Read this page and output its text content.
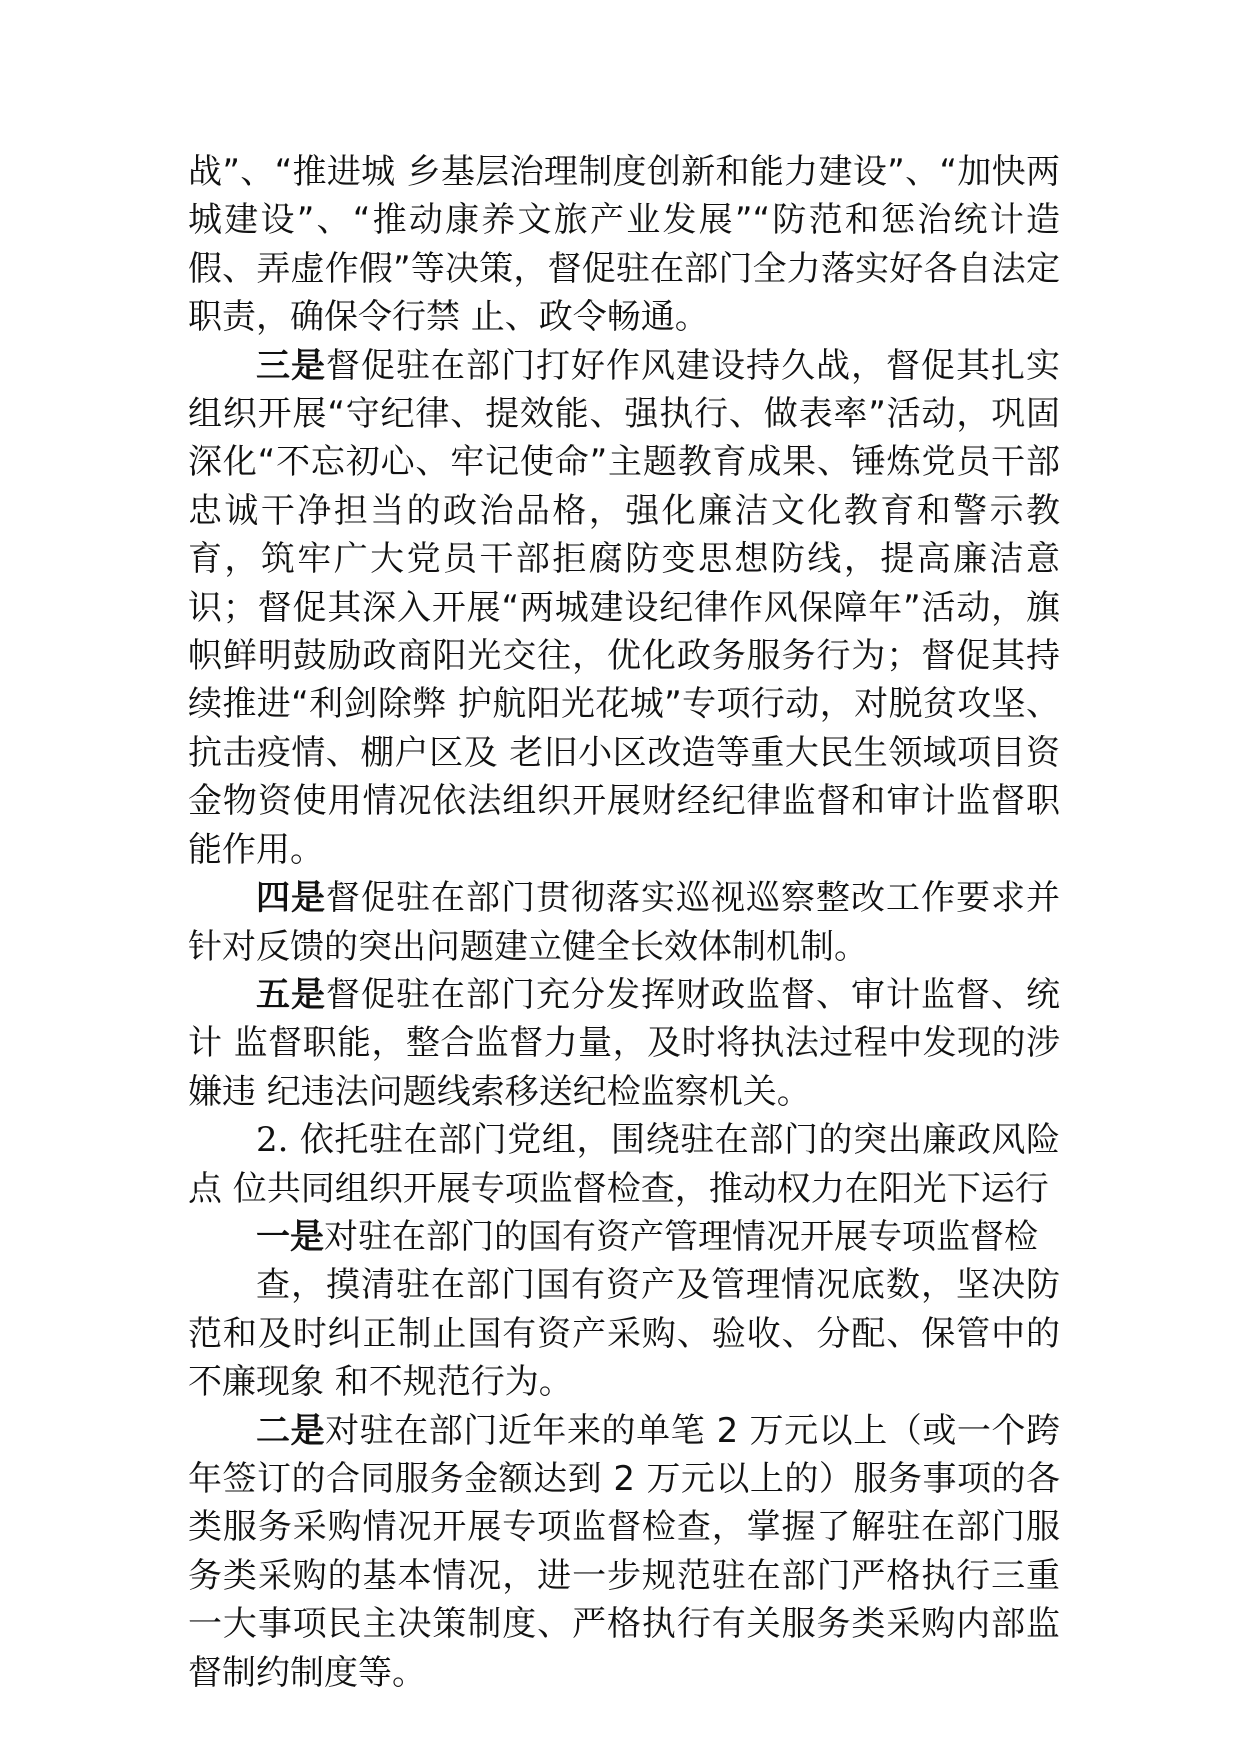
战”、“推进城 乡基层治理制度创新和能力建设”、“加快两城建设”、“推动康养文旅产业发展”“防范和惩治统计造假、弄虚作假”等决策，督促驻在部门全力落实好各自法定职责，确保令行禁 止、政令畅通。

三是督促驻在部门打好作风建设持久战，督促其扎实组织开展“守纪律、提效能、强执行、做表率”活动，巩固深化“不忘初心、牢记使命”主题教育成果、锤炼党员干部忠诚干净担当的政治品格，强化廉洁文化教育和警示教育，筑牢广大党员干部拒腐防变思想防线，提高廉洁意识；督促其深入开展“两城建设纪律作风保障年”活动，旗帜鲜明鼓励政商阳光交往，优化政务服务行为；督促其持续推进“利剑除弊 护航阳光花城”专项行动，对脱贫攻坚、抗击疫情、棚户区及 老旧小区改造等重大民生领域项目资金物资使用情况依法组织开展财经纪律监督和审计监督职能作用。

四是督促驻在部门贯彻落实巡视巡察整改工作要求并针对反馈的突出问题建立健全长效体制机制。

五是督促驻在部门充分发挥财政监督、审计监督、统计 监督职能，整合监督力量，及时将执法过程中发现的涉嫌违 纪违法问题线索移送纪检监察机关。

2. 依托驻在部门党组，围绕驻在部门的突出廉政风险点 位共同组织开展专项监督检查，推动权力在阳光下运行

一是对驻在部门的国有资产管理情况开展专项监督检

查，摸清驻在部门国有资产及管理情况底数，坚决防范和及时纠正制止国有资产采购、验收、分配、保管中的不廉现象 和不规范行为。

二是对驻在部门近年来的单笔 2 万元以上（或一个跨年签订的合同服务金额达到 2 万元以上的）服务事项的各类服务采购情况开展专项监督检查，掌握了解驻在部门服务类采购的基本情况，进一步规范驻在部门严格执行三重一大事项民主决策制度、严格执行有关服务类采购内部监督制约制度等。
